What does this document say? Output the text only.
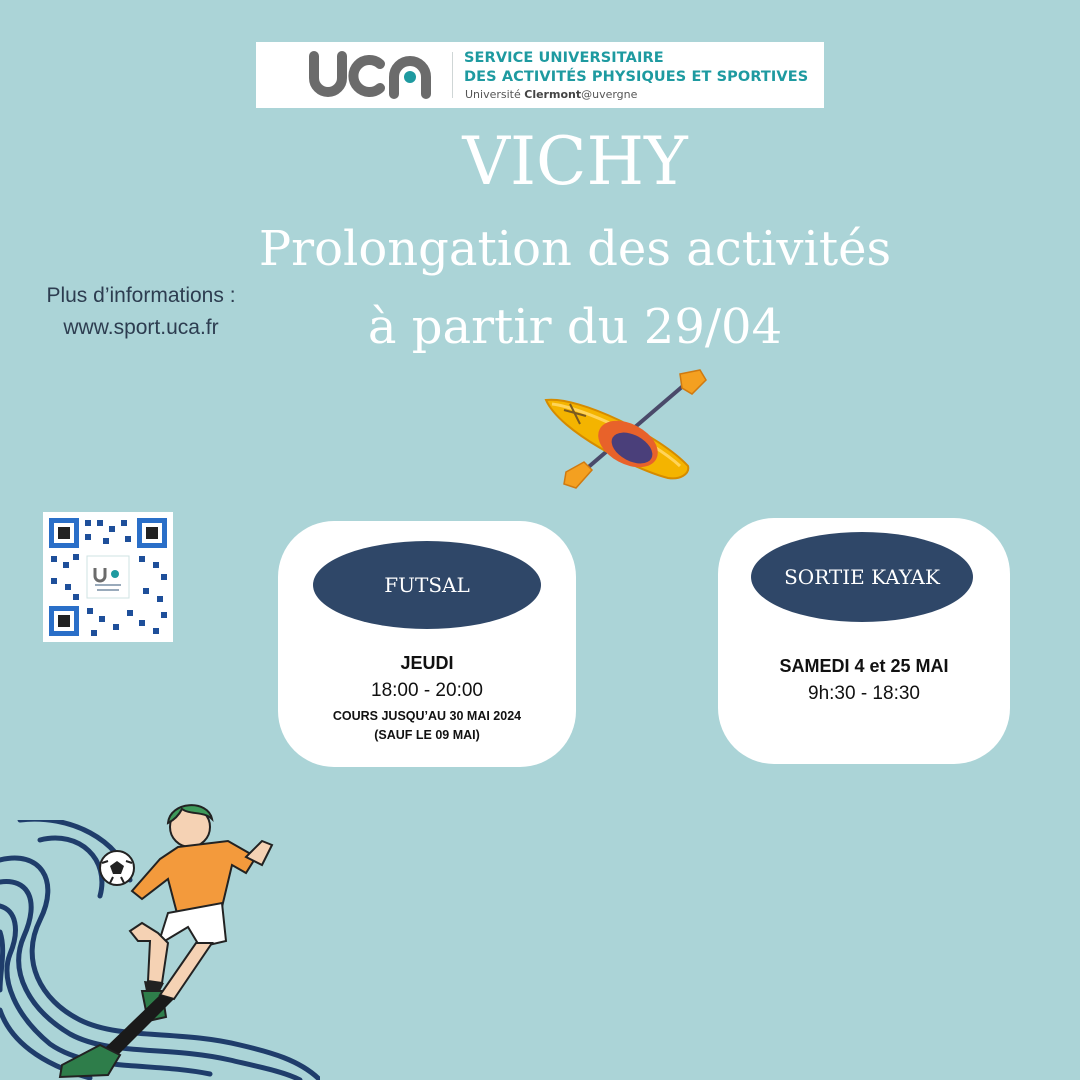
SERVICE UNIVERSITAIRE
DES ACTIVITÉS PHYSIQUES ET SPORTIVES
Université Clermont@uvergne
VICHY
Prolongation des activités
à partir du 29/04
Plus d’informations :
www.sport.uca.fr
FUTSAL
JEUDI
18:00 - 20:00
COURS JUSQU’AU 30 MAI 2024
(SAUF LE 09 MAI)
SORTIE KAYAK
SAMEDI 4 et 25 MAI
9h:30 - 18:30
